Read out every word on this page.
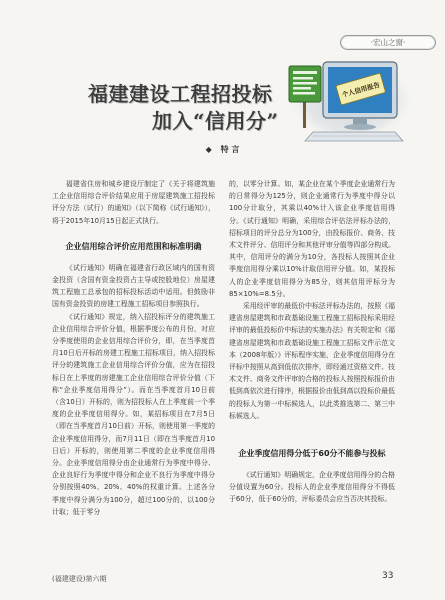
·宏山之窗·
福建建设工程招投标
加入“信用分”
个人信用报告
◆ 特 言

福建省住房和城乡建设厅制定了《关于将建筑施工企业信用综合评价结果应用于房屋建筑施工招投标评分方法（试行）的通知》（以下简称《试行通知》），将于2015年10月15日起正式执行。

企业信用综合评价应用范围和标准明确

《试行通知》明确在福建省行政区域内的国有资金投资（含国有资金投资占主导或控股地位）房屋建筑工程施工总承包的招标投标活动中适用。但鼓励非国有资金投资的房建工程施工招标项目参照执行。

《试行通知》规定，纳入招投标评分的建筑施工企业信用综合评价分值，根据季度公布的月份，对应分季度使用的企业信用综合评价分，即，在当季度首月10日后开标的房建工程施工招标项目，纳入招投标评分的建筑施工企业信用综合评价分值，应为在招投标日在上季度的房建施工企业信用综合评价分值（下称“企业季度信用得分”）。而在当季度首月10日前（含10日）开标的，则为招投标人在上季度前一个季度的企业季度信用得分。如，某招标项目在7月5日（即在当季度首月10日前）开标，则使用第一季度的企业季度信用得分，而7月11日（即在当季度首月10日后）开标的，则使用第二季度的企业季度信用得分。企业季度信用得分由企业通常行为季度中得分、企业良好行为季度中得分和企业不良行为季度中得分分别按照40%、20%、40%的权重计算。上述各分季度中得分满分为100分，超过100分的，以100分计取；低于零分

的，以零分计算。如，某企业在某个季度企业通常行为的日常得分为125分，则企业通常行为季度中得分以100分计取分，其乘以40%计入该企业季度信用得分。《试行通知》明确，采用综合评估法评标办法的，招标项目的评分总分为100分，由投标报价、商务、技术文件评分、信用评分和其他评审分值等四部分构成。其中，信用评分的满分为10分，各投标人按照其企业季度信用得分乘以10%计取信用评分值。如，某投标人的企业季度信用得分为85分，则其信用评标分为85×10%=8.5分。

采用经评审的最低价中标法评标办法的，按照《福建省房屋建筑和市政基础设施工程施工招标投标采用经评审的最低投标价中标法的实施办法》有关规定和《福建省房屋建筑和市政基础设施工程施工招标文件示范文本（2008年版）》评标程序实施，企业季度信用得分在评标中按照从高到低依次排序，即经通过资格文件、技术文件、商务文件评审的合格的投标人按照投标报价由低到高依次进行排序，根据报价由低到高以投标价最低的投标人为第一中标候选人，以此类推选第二、第三中标候选人。

企业季度信用得分低于60分不能参与投标

《试行通知》明确规定，企业季度信用得分的合格分值设置为60分。投标人的企业季度信用得分不得低于60分，低于60分的，评标委员会应当否决其投标。

(福建建设)第六期	33
